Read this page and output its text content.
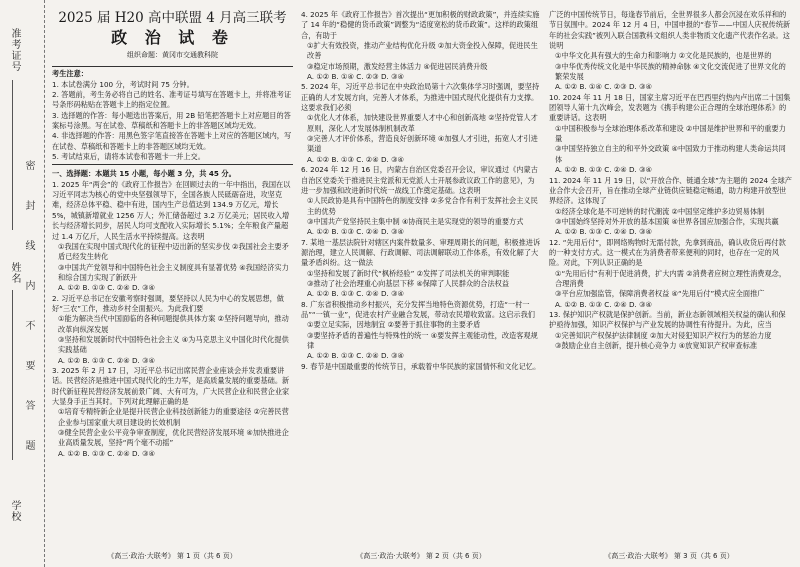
准考证号
姓名
学校
密封线内不要答题
2025 届 H20 高中联盟 4 月高三联考
政 治 试 卷
组织命题：黄冈市交通教科院

考生注意：

1. 本试卷满分 100 分，考试时间 75 分钟。

2. 答题前，考生务必将自己的姓名、准考证号填写在答题卡上，并将准考证号条形码粘贴在答题卡上的指定位置。

3. 选择题的作答：每小题选出答案后，用 2B 铅笔把答题卡上对应题目的答案标号涂黑。写在试卷、草稿纸和答题卡上的非答题区域均无效。

4. 非选择题的作答：用黑色签字笔直接答在答题卡上对应的答题区域内，写在试卷、草稿纸和答题卡上的非答题区域均无效。

5. 考试结束后，请将本试卷和答题卡一并上交。

一、选择题：本题共 15 小题，每小题 3 分，共 45 分。

1. 2025 年“两会”的《政府工作报告》在回顾过去的一年中指出，我国在以习近平同志为核心的党中央坚强领导下，全国各族人民砥砺奋进，攻坚克难，经济总体平稳、稳中有进，国内生产总值达到 134.9 万亿元，增长 5%，城镇新增就业 1256 万人；外汇储备超过 3.2 万亿美元；居民收入增长与经济增长同步，居民人均可支配收入实际增长 5.1%；全年粮食产量超过 1.4 万亿斤，人民生活水平持续提高。这表明

①我国在实现中国式现代化的征程中迈出新的坚实步伐 ②我国社会主要矛盾已经发生转化

③中国共产党领导和中国特色社会主义制度具有显著优势 ④我国经济实力和综合国力实现了新跃升

A. ①② B. ①③ C. ②④ D. ③④

2. 习近平总书记在安徽考察时强调，要坚持以人民为中心的发展思想，做好“三农”工作，推动乡村全面振兴。为此我们要

①能为解决当代中国面临的各种问题提供具体方案 ②坚持问题导向，推动改革向纵深发展

③坚持和发展新时代中国特色社会主义 ④为马克思主义中国化时代化提供实践基础

A. ①② B. ①③ C. ②④ D. ③④

3. 2025 年 2 月 17 日，习近平总书记出席民营企业座谈会并发表重要讲话。民营经济是推进中国式现代化的生力军，是高质量发展的重要基础。新时代新征程民营经济发展前景广阔、大有可为，广大民营企业和民营企业家大显身手正当其时。下列对此理解正确的是

①培育专精特新企业是提升民营企业科技创新能力的重要途径 ②完善民营企业参与国家重大项目建设的长效机制

③健全民营企业公平竞争审查制度，优化民营经济发展环境 ④加快推进企业高质量发展，坚持“两个毫不动摇”

A. ①② B. ①③ C. ②④ D. ③④

4. 2025 年《政府工作报告》首次提出“更加积极的财政政策”，并连续实施了 14 年的“稳健的货币政策”调整为“适度宽松的货币政策”。这样的政策组合，有助于

①扩大有效投资，推动产业结构优化升级 ②加大资金投入保障，促进民生改善

③稳定市场预期，激发经营主体活力 ④促进居民消费升级

A. ①② B. ①④ C. ②③ D. ③④

5. 2024 年，习近平总书记在中央政治局第十六次集体学习时强调，要坚持正确的人才发展方向，完善人才体系，为推进中国式现代化提供有力支撑。这要求我们必须

①优化人才体系，加快建设世界重要人才中心和创新高地 ②坚持党管人才原则，深化人才发展体制机制改革

③完善人才评价体系，营造良好创新环境 ④加强人才引进，拓宽人才引进渠道

A. ①② B. ①③ C. ②④ D. ③④

6. 2024 年 12 月 16 日，内蒙古自治区党委召开会议，审议通过《内蒙古自治区党委关于推进民主党派和无党派人士开展参政议政工作的意见》，为进一步加强和改进新时代统一战线工作奠定基础。这表明

①人民政协是具有中国特色的制度安排 ②多党合作有利于发挥社会主义民主的优势

③中国共产党坚持民主集中制 ④协商民主是实现党的领导的重要方式

A. ①② B. ①③ C. ②④ D. ③④

7. 某地一基层法院针对辖区内案件数量多、审理周期长的问题，积极推进诉源治理，建立人民调解、行政调解、司法调解联动工作体系，有效化解了大量矛盾纠纷。这一做法

①坚持和发展了新时代“枫桥经验” ②发挥了司法机关的审判职能

③推动了社会治理重心向基层下移 ④保障了人民群众的合法权益

A. ①② B. ①③ C. ②④ D. ③④

8. 广东省积极推动乡村振兴，充分发挥当地特色资源优势，打造“一村一品”“一镇一业”，促进农村产业融合发展，带动农民增收致富。这启示我们

①要立足实际，因地制宜 ②要善于抓住事物的主要矛盾

③要坚持矛盾的普遍性与特殊性的统一 ④要发挥主观能动性，改造客观规律

A. ①② B. ①③ C. ②④ D. ③④

9. 春节是中国最重要的传统节日，承载着中华民族的家国情怀和文化记忆。

广泛的中国传统节日，每逢春节前后，全世界很多人都会沉浸在欢乐祥和的节日氛围中。2024 年 12 月 4 日，中国申报的“春节——中国人庆祝传统新年的社会实践”被列入联合国教科文组织人类非物质文化遗产代表作名录。这说明

①中华文化具有强大的生命力和影响力 ②文化是民族的，也是世界的

③中华优秀传统文化是中华民族的精神命脉 ④文化交流促进了世界文化的繁荣发展

A. ①② B. ①④ C. ②③ D. ③④

10. 2024 年 11 月 18 日，国家主席习近平在巴西里约热内卢出席二十国集团领导人第十九次峰会，发表题为《携手构建公正合理的全球治理体系》的重要讲话。这表明

①中国积极参与全球治理体系改革和建设 ②中国是维护世界和平的重要力量

③中国坚持独立自主的和平外交政策 ④中国致力于推动构建人类命运共同体

A. ①② B. ①③ C. ②④ D. ③④

11. 2024 年 11 月 19 日，以“开放合作、链通全球”为主题的 2024 全球产业合作大会召开，旨在推动全球产业链供应链稳定畅通，助力构建开放型世界经济。这体现了

①经济全球化是不可逆转的时代潮流 ②中国坚定维护多边贸易体制

③中国始终坚持对外开放的基本国策 ④世界各国应加强合作，实现共赢

A. ①② B. ①③ C. ②④ D. ③④

12. “先用后付”，即网络购物时无需付款，先拿到商品，确认收货后再付款的一种支付方式。这一模式在为消费者带来便利的同时，也存在一定的风险。对此，下列认识正确的是

①“先用后付”有利于促进消费，扩大内需 ②消费者应树立理性消费观念，合理消费

③平台应加强监管，保障消费者权益 ④“先用后付”模式应全面推广

A. ①② B. ①③ C. ②④ D. ③④

13. 保护知识产权就是保护创新。当前，新业态新领域相关权益的确认和保护亟待加强，知识产权保护与产业发展的协调性有待提升。为此，应当

①完善知识产权保护法律制度 ②加大对侵犯知识产权行为的惩治力度

③鼓励企业自主创新，提升核心竞争力 ④放宽知识产权审查标准

《高三·政治·大联考》 第 1 页（共 6 页）	《高三·政治·大联考》 第 2 页（共 6 页）	《高三·政治·大联考》 第 3 页（共 6 页）
